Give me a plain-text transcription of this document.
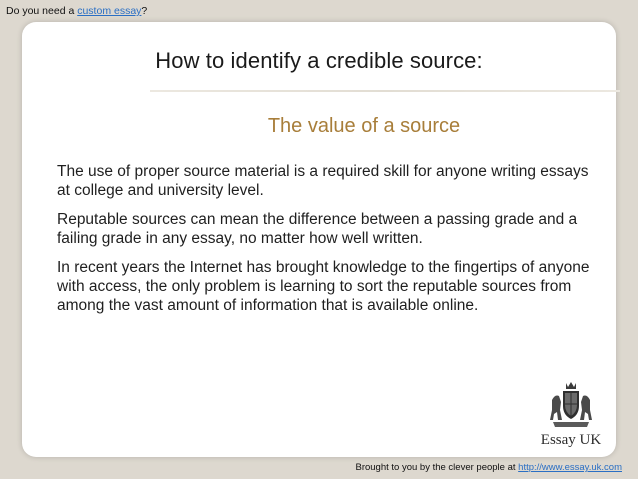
Do you need a custom essay?
How to identify a credible source:
The value of a source

The use of proper source material is a required skill for anyone writing essays at college and university level.

Reputable sources can mean the difference between a passing grade and a failing grade in any essay, no matter how well written.

In recent years the Internet has brought knowledge to the fingertips of anyone with access, the only problem is learning to sort the reputable sources from among the vast amount of information that is available online.

Essay UK
Brought to you by the clever people at http://www.essay.uk.com
